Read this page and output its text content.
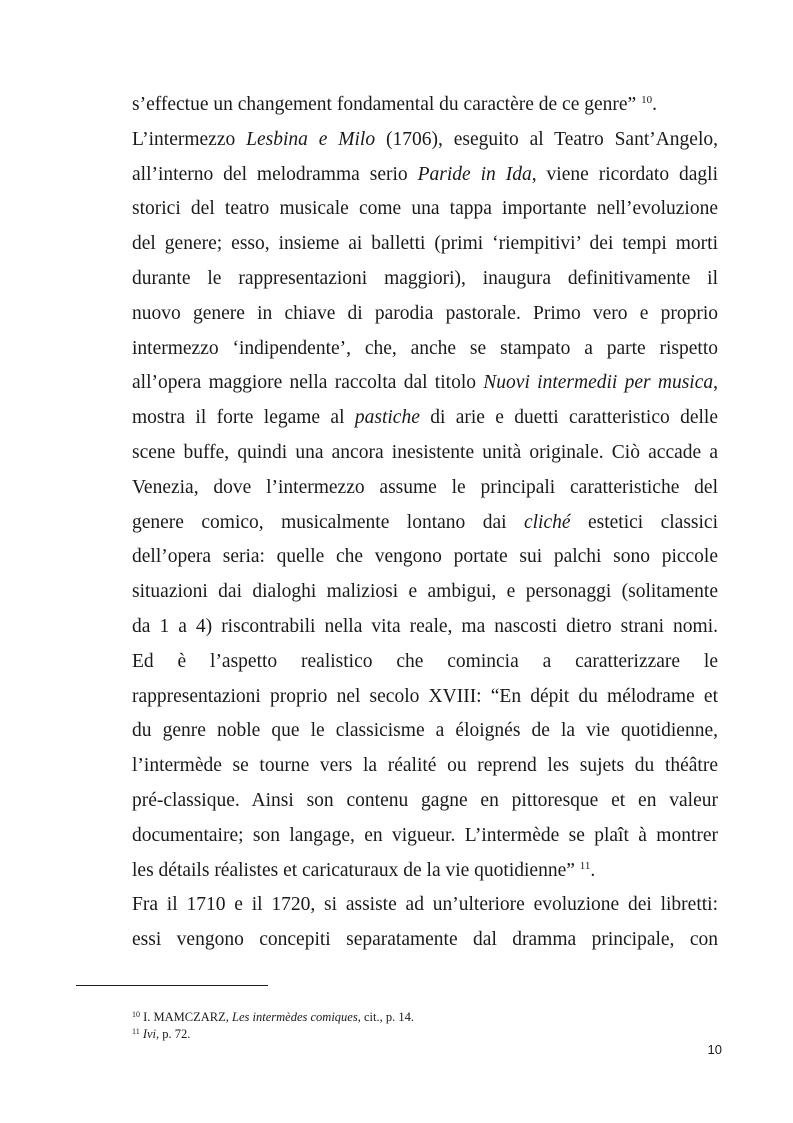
s’effectue un changement fondamental du caractère de ce genre” $^{10}$.
L’intermezzo Lesbina e Milo (1706), eseguito al Teatro Sant’Angelo,
all’interno del melodramma serio Paride in Ida, viene ricordato dagli
storici del teatro musicale come una tappa importante nell’evoluzione
del genere; esso, insieme ai balletti (primi ‘riempitivi’ dei tempi morti
durante le rappresentazioni maggiori), inaugura definitivamente il
nuovo genere in chiave di parodia pastorale. Primo vero e proprio
intermezzo ‘indipendente’, che, anche se stampato a parte rispetto
all’opera maggiore nella raccolta dal titolo Nuovi intermedii per musica,
mostra il forte legame al pastiche di arie e duetti caratteristico delle
scene buffe, quindi una ancora inesistente unità originale. Ciò accade a
Venezia, dove l’intermezzo assume le principali caratteristiche del
genere comico, musicalmente lontano dai cliché estetici classici
dell’opera seria: quelle che vengono portate sui palchi sono piccole
situazioni dai dialoghi maliziosi e ambigui, e personaggi (solitamente
da 1 a 4) riscontrabili nella vita reale, ma nascosti dietro strani nomi.
Ed è l’aspetto realistico che comincia a caratterizzare le
rappresentazioni proprio nel secolo XVIII: “En dépit du mélodrame et
du genre noble que le classicisme a éloignés de la vie quotidienne,
l’intermède se tourne vers la réalité ou reprend les sujets du théâtre
pré-classique. Ainsi son contenu gagne en pittoresque et en valeur
documentaire; son langage, en vigueur. L’intermède se plaît à montrer
les détails réalistes et caricaturaux de la vie quotidienne” $^{11}$.
Fra il 1710 e il 1720, si assiste ad un’ulteriore evoluzione dei libretti:
essi vengono concepiti separatamente dal dramma principale, con
$^{10}$ I. MAMCZARZ, Les intermèdes comiques, cit., p. 14.
$^{11}$ Ivi, p. 72.
10
